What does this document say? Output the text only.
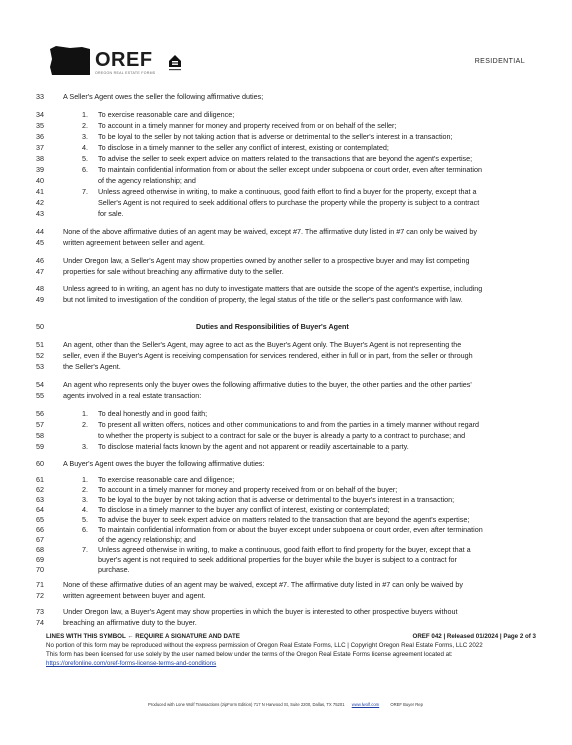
OREF
OREGON REAL ESTATE FORMS
RESIDENTIAL
33	A Seller's Agent owes the seller the following affirmative duties;
34	1. To exercise reasonable care and diligence;
35	2. To account in a timely manner for money and property received from or on behalf of the seller;
36	3. To be loyal to the seller by not taking action that is adverse or detrimental to the seller's interest in a transaction;
37	4. To disclose in a timely manner to the seller any conflict of interest, existing or contemplated;
38	5. To advise the seller to seek expert advice on matters related to the transactions that are beyond the agent's expertise;
39	6. To maintain confidential information from or about the seller except under subpoena or court order, even after termination
40	of the agency relationship; and
41	7. Unless agreed otherwise in writing, to make a continuous, good faith effort to find a buyer for the property, except that a
42	Seller's Agent is not required to seek additional offers to purchase the property while the property is subject to a contract
43	for sale.
44	None of the above affirmative duties of an agent may be waived, except #7. The affirmative duty listed in #7 can only be waived by
45	written agreement between seller and agent.
46	Under Oregon law, a Seller's Agent may show properties owned by another seller to a prospective buyer and may list competing
47	properties for sale without breaching any affirmative duty to the seller.
48	Unless agreed to in writing, an agent has no duty to investigate matters that are outside the scope of the agent's expertise, including
49	but not limited to investigation of the condition of property, the legal status of the title or the seller's past conformance with law.
50	Duties and Responsibilities of Buyer's Agent
51	An agent, other than the Seller's Agent, may agree to act as the Buyer's Agent only. The Buyer's Agent is not representing the
52	seller, even if the Buyer's Agent is receiving compensation for services rendered, either in full or in part, from the seller or through
53	the Seller's Agent.
54	An agent who represents only the buyer owes the following affirmative duties to the buyer, the other parties and the other parties'
55	agents involved in a real estate transaction:
56	1. To deal honestly and in good faith;
57	2. To present all written offers, notices and other communications to and from the parties in a timely manner without regard
58	to whether the property is subject to a contract for sale or the buyer is already a party to a contract to purchase; and
59	3. To disclose material facts known by the agent and not apparent or readily ascertainable to a party.
60	A Buyer's Agent owes the buyer the following affirmative duties:
61	1. To exercise reasonable care and diligence;
62	2. To account in a timely manner for money and property received from or on behalf of the buyer;
63	3. To be loyal to the buyer by not taking action that is adverse or detrimental to the buyer's interest in a transaction;
64	4. To disclose in a timely manner to the buyer any conflict of interest, existing or contemplated;
65	5. To advise the buyer to seek expert advice on matters related to the transaction that are beyond the agent's expertise;
66	6. To maintain confidential information from or about the buyer except under subpoena or court order, even after termination
67	of the agency relationship; and
68	7. Unless agreed otherwise in writing, to make a continuous, good faith effort to find property for the buyer, except that a
69	buyer's agent is not required to seek additional properties for the buyer while the buyer is subject to a contract for
70	purchase.
71	None of these affirmative duties of an agent may be waived, except #7. The affirmative duty listed in #7 can only be waived by
72	written agreement between buyer and agent.
73	Under Oregon law, a Buyer's Agent may show properties in which the buyer is interested to other prospective buyers without
74	breaching an affirmative duty to the buyer.
LINES WITH THIS SYMBOL ← REQUIRE A SIGNATURE AND DATE	OREF 042 | Released 01/2024 | Page 2 of 3
No portion of this form may be reproduced without the express permission of Oregon Real Estate Forms, LLC | Copyright Oregon Real Estate Forms, LLC 2022
This form has been licensed for use solely by the user named below under the terms of the Oregon Real Estate Forms license agreement located at:
https://orefonline.com/oref-forms-license-terms-and-conditions
Produced with Lone Wolf Transactions (zipForm Edition) 717 N Harwood St, Suite 2200, Dallas, TX 75201 www.lwolf.com	OREF Buyer Rep
